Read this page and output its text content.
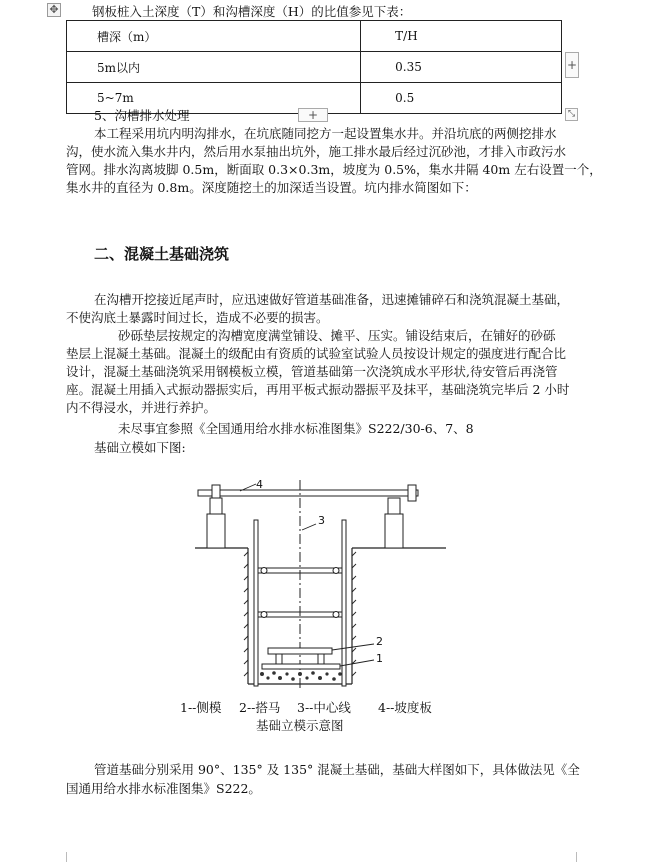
✥	钢板桩入土深度（T）和沟槽深度（H）的比值参见下表：
槽深（m）	T/H
5m以内	0.35
5~7m	0.5
+
+	⤡
5、沟槽排水处理
本工程采用坑内明沟排水，在坑底随同挖方一起设置集水井。并沿坑底的两侧挖排水
沟，使水流入集水井内，然后用水泵抽出坑外，施工排水最后经过沉砂池，才排入市政污水
管网。排水沟离坡脚 0.5m，断面取 0.3×0.3m，坡度为 0.5%，集水井隔 40m 左右设置一个，
集水井的直径为 0.8m。深度随挖土的加深适当设置。坑内排水简图如下：
二、混凝土基础浇筑
在沟槽开挖接近尾声时，应迅速做好管道基础准备，迅速摊铺碎石和浇筑混凝土基础，
不使沟底土暴露时间过长，造成不必要的损害。
砂砾垫层按规定的沟槽宽度满堂铺设、摊平、压实。铺设结束后，在铺好的砂砾
垫层上混凝土基础。混凝土的级配由有资质的试验室试验人员按设计规定的强度进行配合比
设计，混凝土基础浇筑采用钢模板立模，管道基础第一次浇筑成水平形状,待安管后再浇管
座。混凝土用插入式振动器振实后，再用平板式振动器振平及抹平，基础浇筑完毕后 2 小时
内不得浸水，并进行养护。
未尽事宜参照《全国通用给水排水标准图集》S222/30-6、7、8
基础立模如下图:
4
3
2
1
1--侧模 2--搭马 3--中心线 4--坡度板
基础立模示意图
管道基础分别采用 90°、135° 及 135° 混凝土基础，基础大样图如下，具体做法见《全
国通用给水排水标准图集》S222。
